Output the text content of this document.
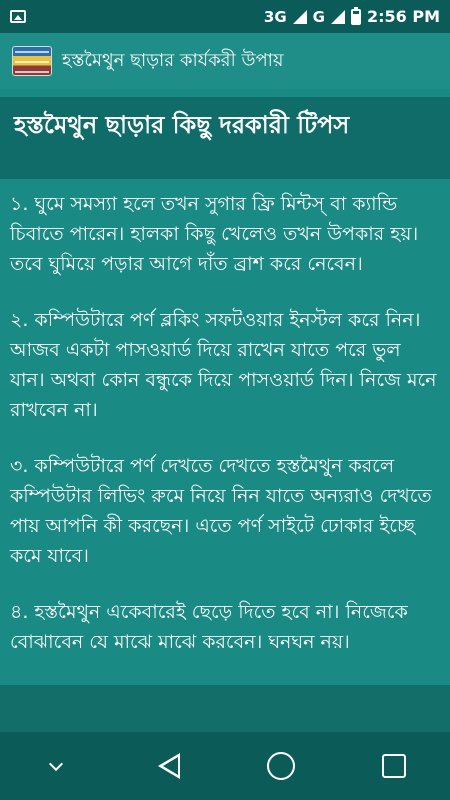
3G G	2:56 PM
হস্তমৈথুন ছাড়ার কার্যকরী উপায়
হস্তমৈথুন ছাড়ার কিছু দরকারী টিপস

১. ঘুমে সমস্যা হলে তখন সুগার ফ্রি মিন্টস্ বা ক্যান্ডি চিবাতে পারেন। হালকা কিছু খেলেও তখন উপকার হয়। তবে ঘুমিয়ে পড়ার আগে দাঁত ব্রাশ করে নেবেন।

২. কম্পিউটারে পর্ণ ব্লকিং সফটওয়ার ইনস্টল করে নিন। আজব একটা পাসওয়ার্ড দিয়ে রাখেন যাতে পরে ভুল যান। অথবা কোন বন্ধুকে দিয়ে পাসওয়ার্ড দিন। নিজে মনে রাখবেন না।

৩. কম্পিউটারে পর্ণ দেখতে দেখতে হস্তমৈথুন করলে কম্পিউটার লিভিং রুমে নিয়ে নিন যাতে অন্যরাও দেখতে পায় আপনি কী করছেন। এতে পর্ণ সাইটে ঢোকার ইচ্ছে কমে যাবে।

৪. হস্তমৈথুন একেবারেই ছেড়ে দিতে হবে না। নিজেকে বোঝাবেন যে মাঝে মাঝে করবেন। ঘনঘন নয়।
